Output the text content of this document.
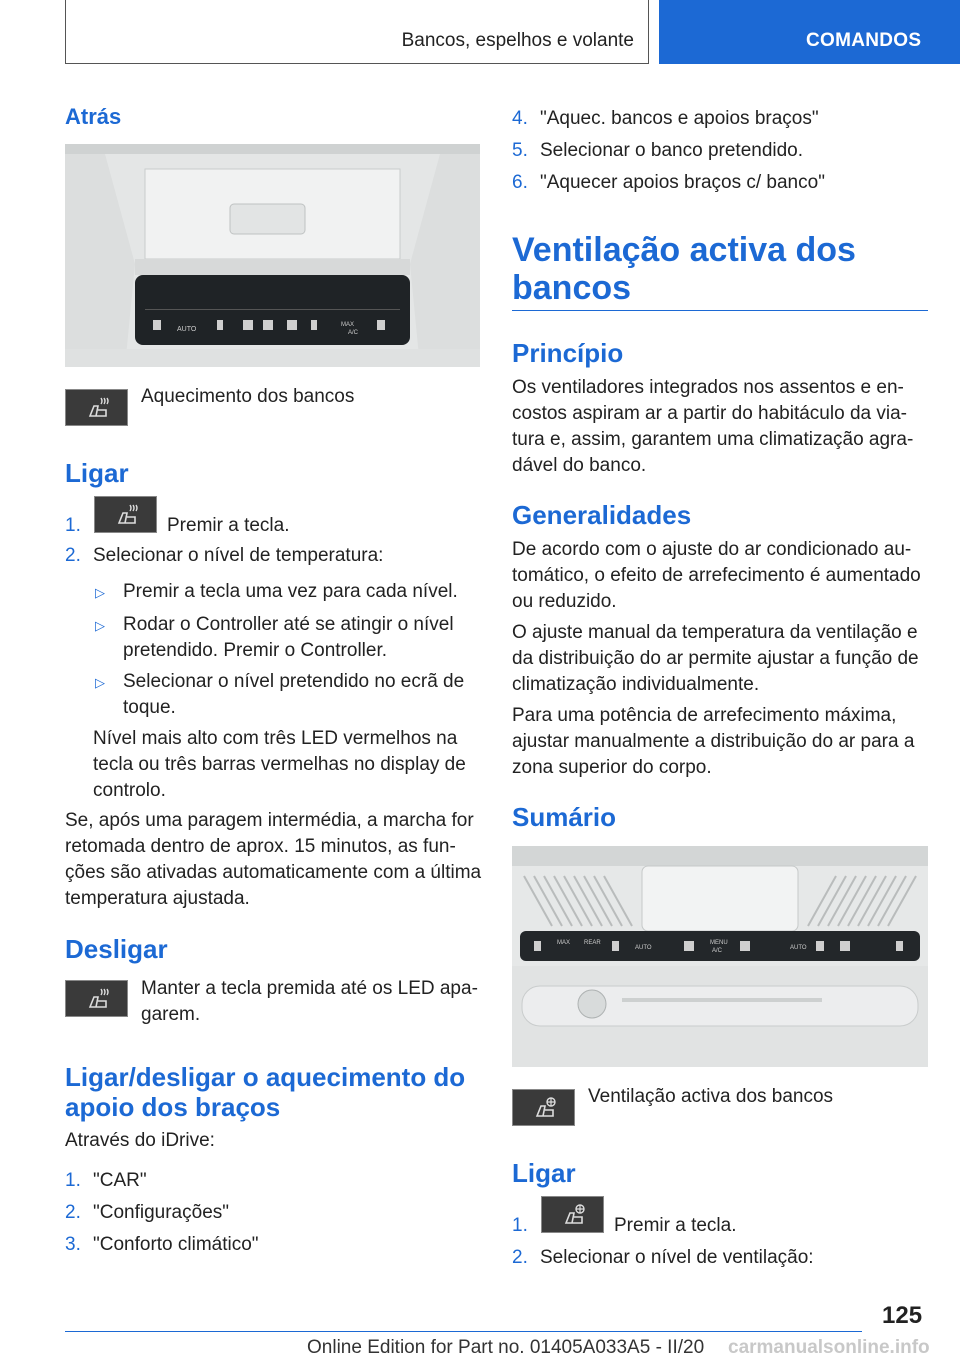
Bancos, espelhos e volante	COMANDOS
Atrás
AUTO
MAX
A/C
Aquecimento dos bancos
Ligar
1.	Premir a tecla.
2. Selecionar o nível de temperatura:
▷ Premir a tecla uma vez para cada nível.
▷ Rodar o Controller até se atingir o nível
pretendido. Premir o Controller.
▷ Selecionar o nível pretendido no ecrã de
toque.
Nível mais alto com três LED vermelhos na
tecla ou três barras vermelhas no display de
controlo.
Se, após uma paragem intermédia, a marcha for
retomada dentro de aprox. 15 minutos, as fun‐
ções são ativadas automaticamente com a última
temperatura ajustada.
Desligar
Manter a tecla premida até os LED apa‐
garem.
Ligar/desligar o aquecimento do
apoio dos braços
Através do iDrive:
1. "CAR"
2. "Configurações"
3. "Conforto climático"
4. "Aquec. bancos e apoios braços"
5. Selecionar o banco pretendido.
6. "Aquecer apoios braços c/ banco"
Ventilação activa dos
bancos
Princípio
Os ventiladores integrados nos assentos e en‐
costos aspiram ar a partir do habitáculo da via‐
tura e, assim, garantem uma climatização agra‐
dável do banco.
Generalidades
De acordo com o ajuste do ar condicionado au‐
tomático, o efeito de arrefecimento é aumentado
ou reduzido.
O ajuste manual da temperatura da ventilação e
da distribuição do ar permite ajustar a função de
climatização individualmente.
Para uma potência de arrefecimento máxima,
ajustar manualmente a distribuição do ar para a
zona superior do corpo.
Sumário
MAX REAR
AUTO
MENU
A/C	AUTO
Ventilação activa dos bancos
Ligar
1.	Premir a tecla.
2. Selecionar o nível de ventilação:
125
Online Edition for Part no. 01405A033A5 - II/20 carmanualsonline.info
